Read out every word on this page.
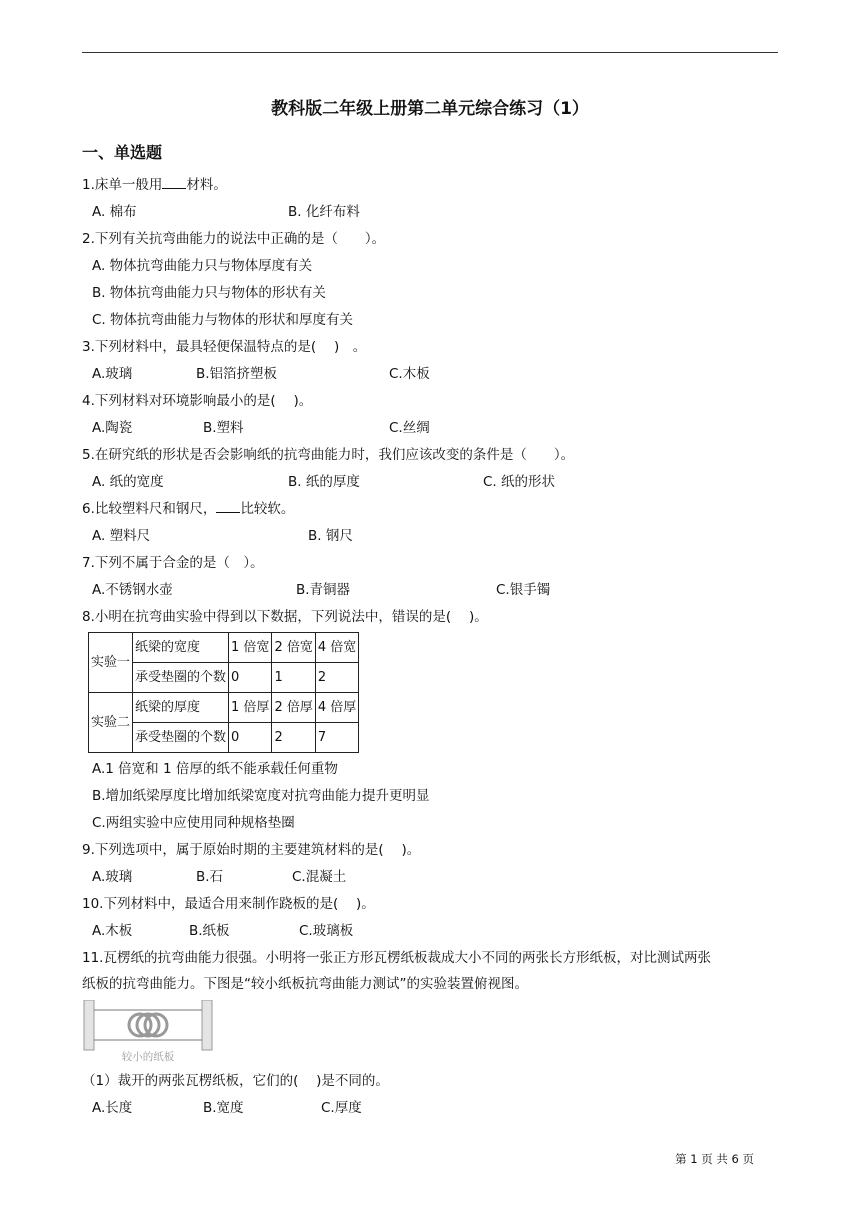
教科版二年级上册第二单元综合练习（1）
一、单选题
1.床单一般用 材料。
A. 棉布	B. 化纤布料
2.下列有关抗弯曲能力的说法中正确的是（　　）。
A. 物体抗弯曲能力只与物体厚度有关
B. 物体抗弯曲能力只与物体的形状有关
C. 物体抗弯曲能力与物体的形状和厚度有关
3.下列材料中，最具轻便保温特点的是(　 )　。
A.玻璃	B.铝箔挤塑板	C.木板
4.下列材料对环境影响最小的是(　 )。
A.陶瓷	B.塑料	C.丝绸
5.在研究纸的形状是否会影响纸的抗弯曲能力时，我们应该改变的条件是（　　）。
A. 纸的宽度	B. 纸的厚度	C. 纸的形状
6.比较塑料尺和钢尺， 比较软。
A. 塑料尺	B. 钢尺
7.下列不属于合金的是（　）。
A.不锈钢水壶	B.青铜器	C.银手镯
8.小明在抗弯曲实验中得到以下数据，下列说法中，错误的是(　 )。
实验一	纸梁的宽度	1 倍宽	2 倍宽	4 倍宽
	承受垫圈的个数	0	1	2
实验二	纸梁的厚度	1 倍厚	2 倍厚	4 倍厚
	承受垫圈的个数	0	2	7
A.1 倍宽和 1 倍厚的纸不能承载任何重物
B.增加纸梁厚度比增加纸梁宽度对抗弯曲能力提升更明显
C.两组实验中应使用同种规格垫圈
9.下列选项中，属于原始时期的主要建筑材料的是(　 )。
A.玻璃	B.石	C.混凝土
10.下列材料中，最适合用来制作跷板的是(　 )。
A.木板	B.纸板	C.玻璃板
11.瓦楞纸的抗弯曲能力很强。小明将一张正方形瓦楞纸板裁成大小不同的两张长方形纸板，对比测试两张
纸板的抗弯曲能力。下图是“较小纸板抗弯曲能力测试”的实验装置俯视图。
较小的纸板
（1）裁开的两张瓦楞纸板，它们的(　 )是不同的。
A.长度	B.宽度	C.厚度
第 1 页 共 6 页
